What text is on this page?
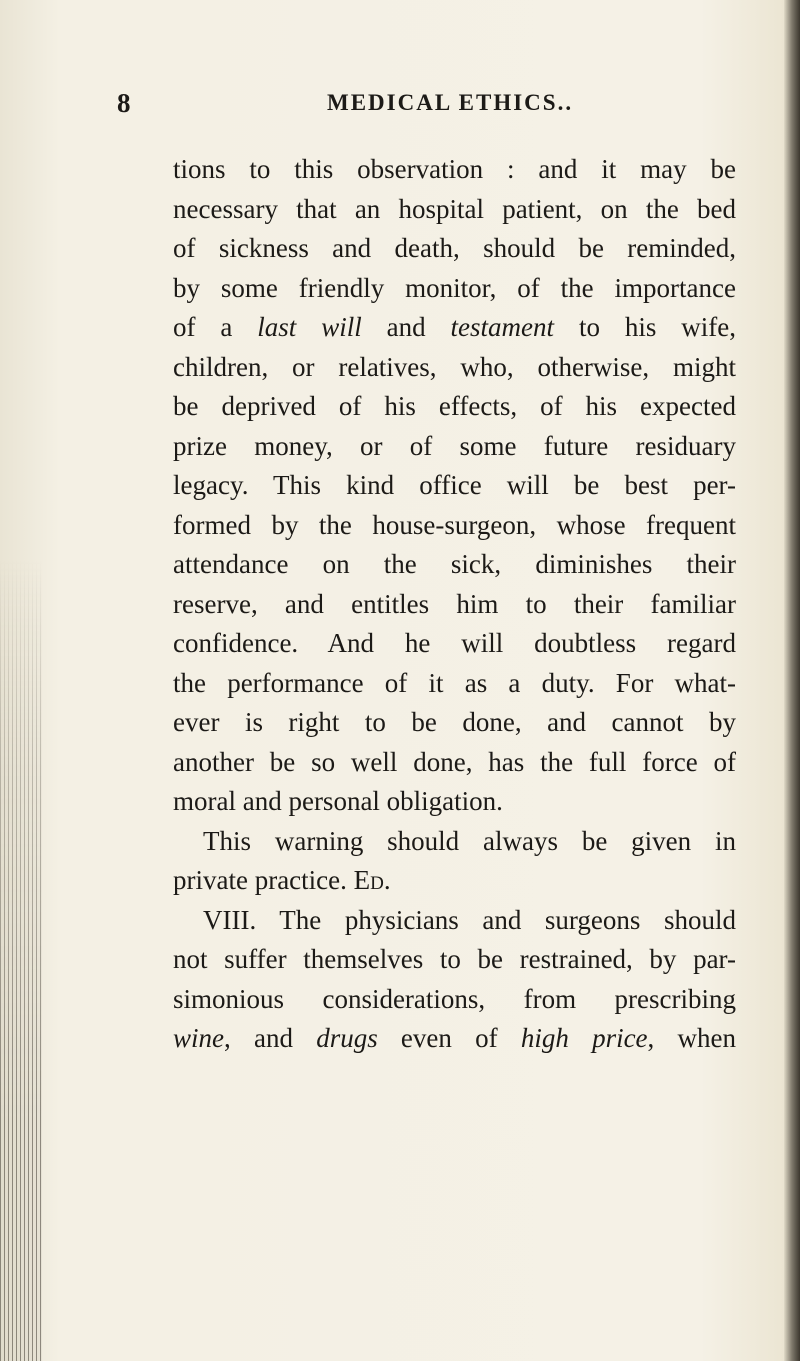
8	MEDICAL ETHICS..
tions to this observation : and it may be
necessary that an hospital patient, on the bed
of sickness and death, should be reminded,
by some friendly monitor, of the importance
of a last will and testament to his wife,
children, or relatives, who, otherwise, might
be deprived of his effects, of his expected
prize money, or of some future residuary
legacy. This kind office will be best per-
formed by the house-surgeon, whose frequent
attendance on the sick, diminishes their
reserve, and entitles him to their familiar
confidence. And he will doubtless regard
the performance of it as a duty. For what-
ever is right to be done, and cannot by
another be so well done, has the full force of
moral and personal obligation.
This warning should always be given in
private practice. Ed.
VIII. The physicians and surgeons should
not suffer themselves to be restrained, by par-
simonious considerations, from prescribing
wine, and drugs even of high price, when
